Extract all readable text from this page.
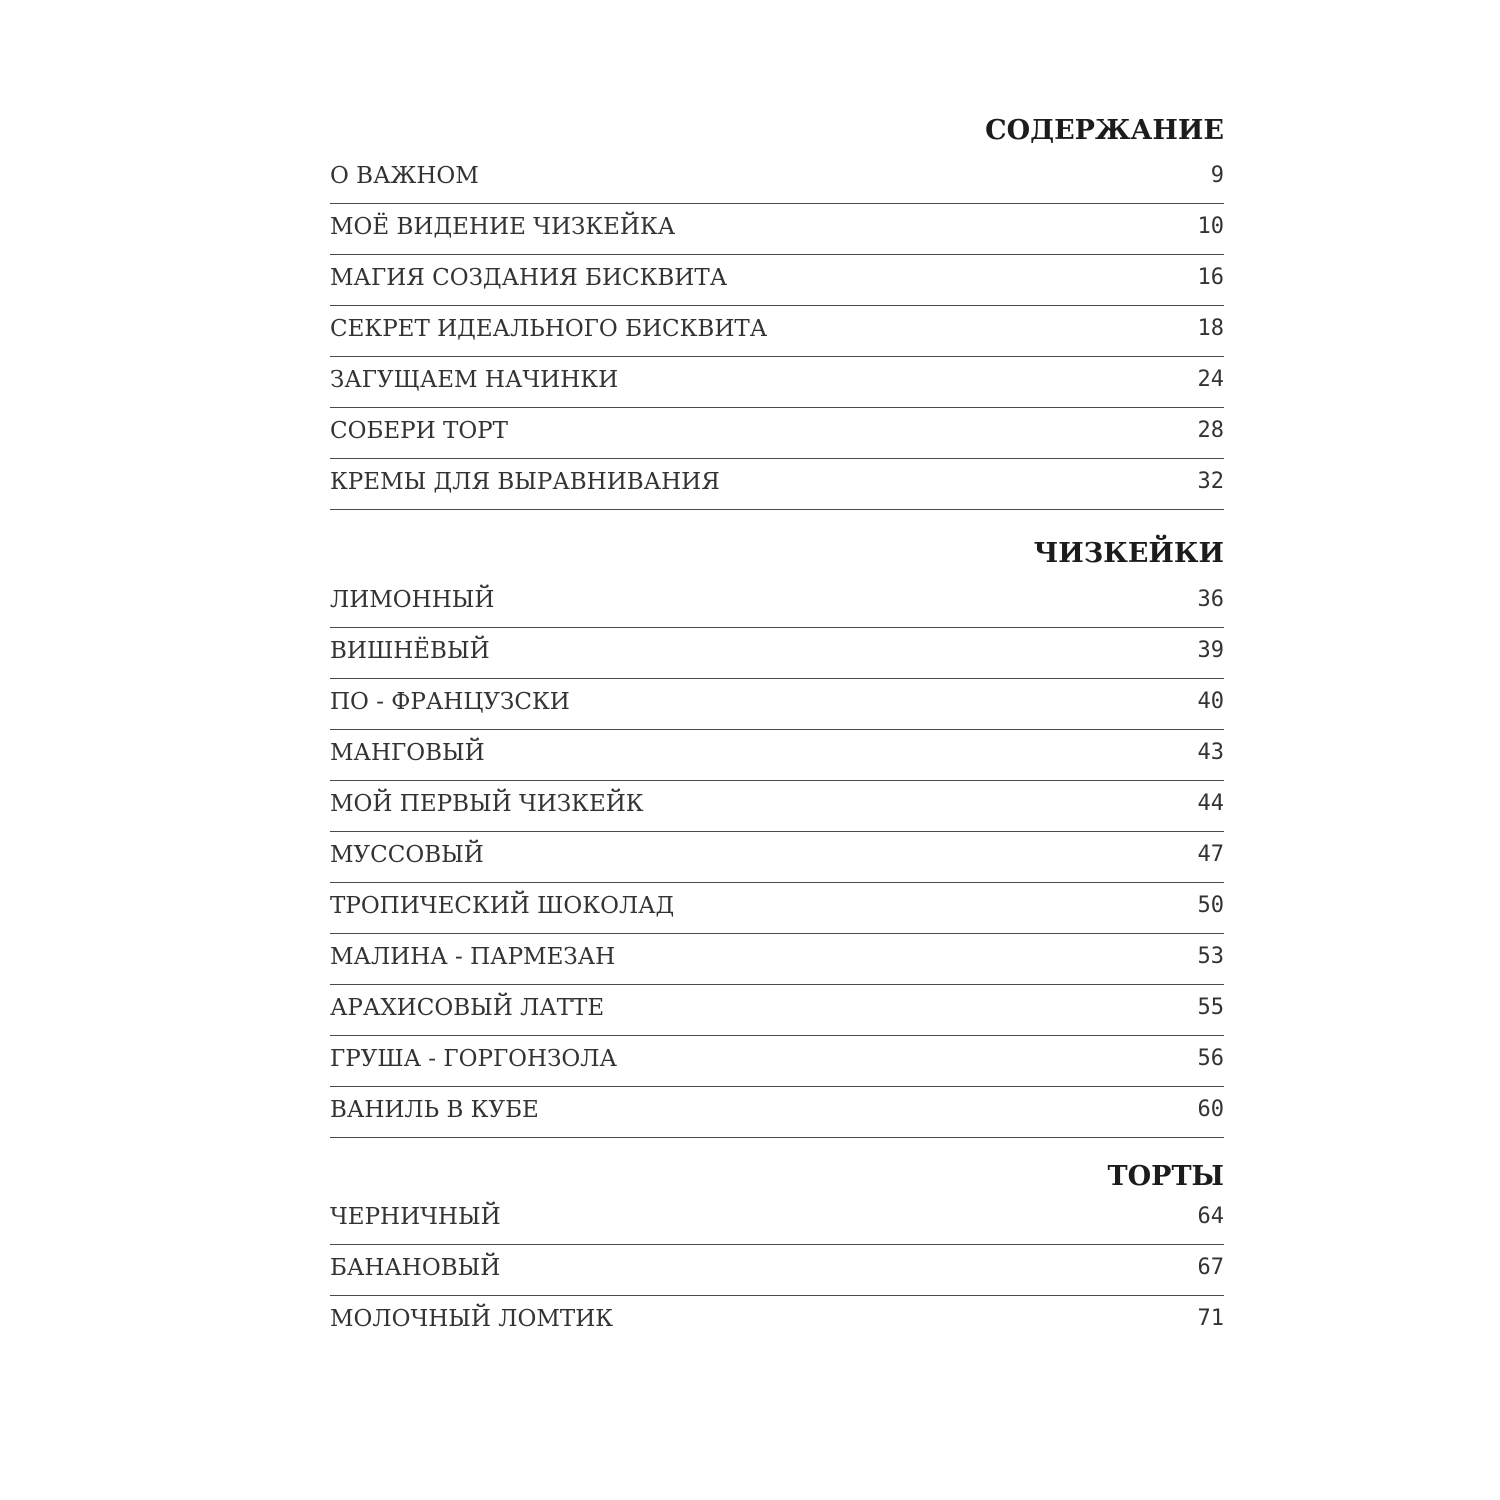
СОДЕРЖАНИЕ
О ВАЖНОМ	9
МОЁ ВИДЕНИЕ ЧИЗКЕЙКА	10
МАГИЯ СОЗДАНИЯ БИСКВИТА	16
СЕКРЕТ ИДЕАЛЬНОГО БИСКВИТА	18
ЗАГУЩАЕМ НАЧИНКИ	24
СОБЕРИ ТОРТ	28
КРЕМЫ ДЛЯ ВЫРАВНИВАНИЯ	32
ЧИЗКЕЙКИ
ЛИМОННЫЙ	36
ВИШНЁВЫЙ	39
ПО - ФРАНЦУЗСКИ	40
МАНГОВЫЙ	43
МОЙ ПЕРВЫЙ ЧИЗКЕЙК	44
МУССОВЫЙ	47
ТРОПИЧЕСКИЙ ШОКОЛАД	50
МАЛИНА - ПАРМЕЗАН	53
АРАХИСОВЫЙ ЛАТТЕ	55
ГРУША - ГОРГОНЗОЛА	56
ВАНИЛЬ В КУБЕ	60
ТОРТЫ
ЧЕРНИЧНЫЙ	64
БАНАНОВЫЙ	67
МОЛОЧНЫЙ ЛОМТИК	71
